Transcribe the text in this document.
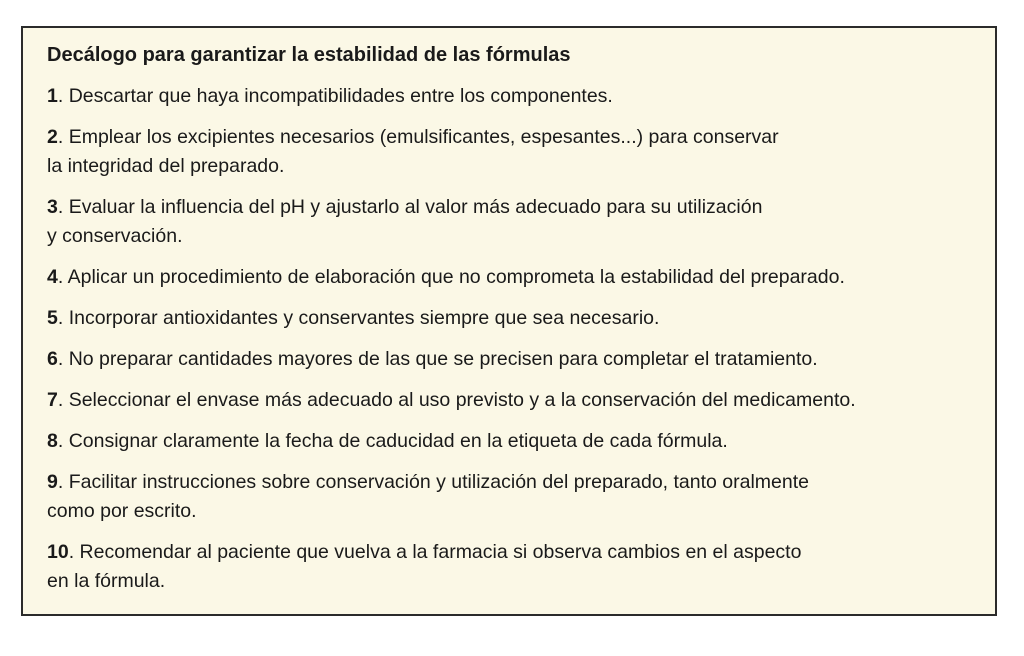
Decálogo para garantizar la estabilidad de las fórmulas
1. Descartar que haya incompatibilidades entre los componentes.
2. Emplear los excipientes necesarios (emulsificantes, espesantes...) para conservar
la integridad del preparado.
3. Evaluar la influencia del pH y ajustarlo al valor más adecuado para su utilización
y conservación.
4. Aplicar un procedimiento de elaboración que no comprometa la estabilidad del preparado.
5. Incorporar antioxidantes y conservantes siempre que sea necesario.
6. No preparar cantidades mayores de las que se precisen para completar el tratamiento.
7. Seleccionar el envase más adecuado al uso previsto y a la conservación del medicamento.
8. Consignar claramente la fecha de caducidad en la etiqueta de cada fórmula.
9. Facilitar instrucciones sobre conservación y utilización del preparado, tanto oralmente
como por escrito.
10. Recomendar al paciente que vuelva a la farmacia si observa cambios en el aspecto
en la fórmula.
